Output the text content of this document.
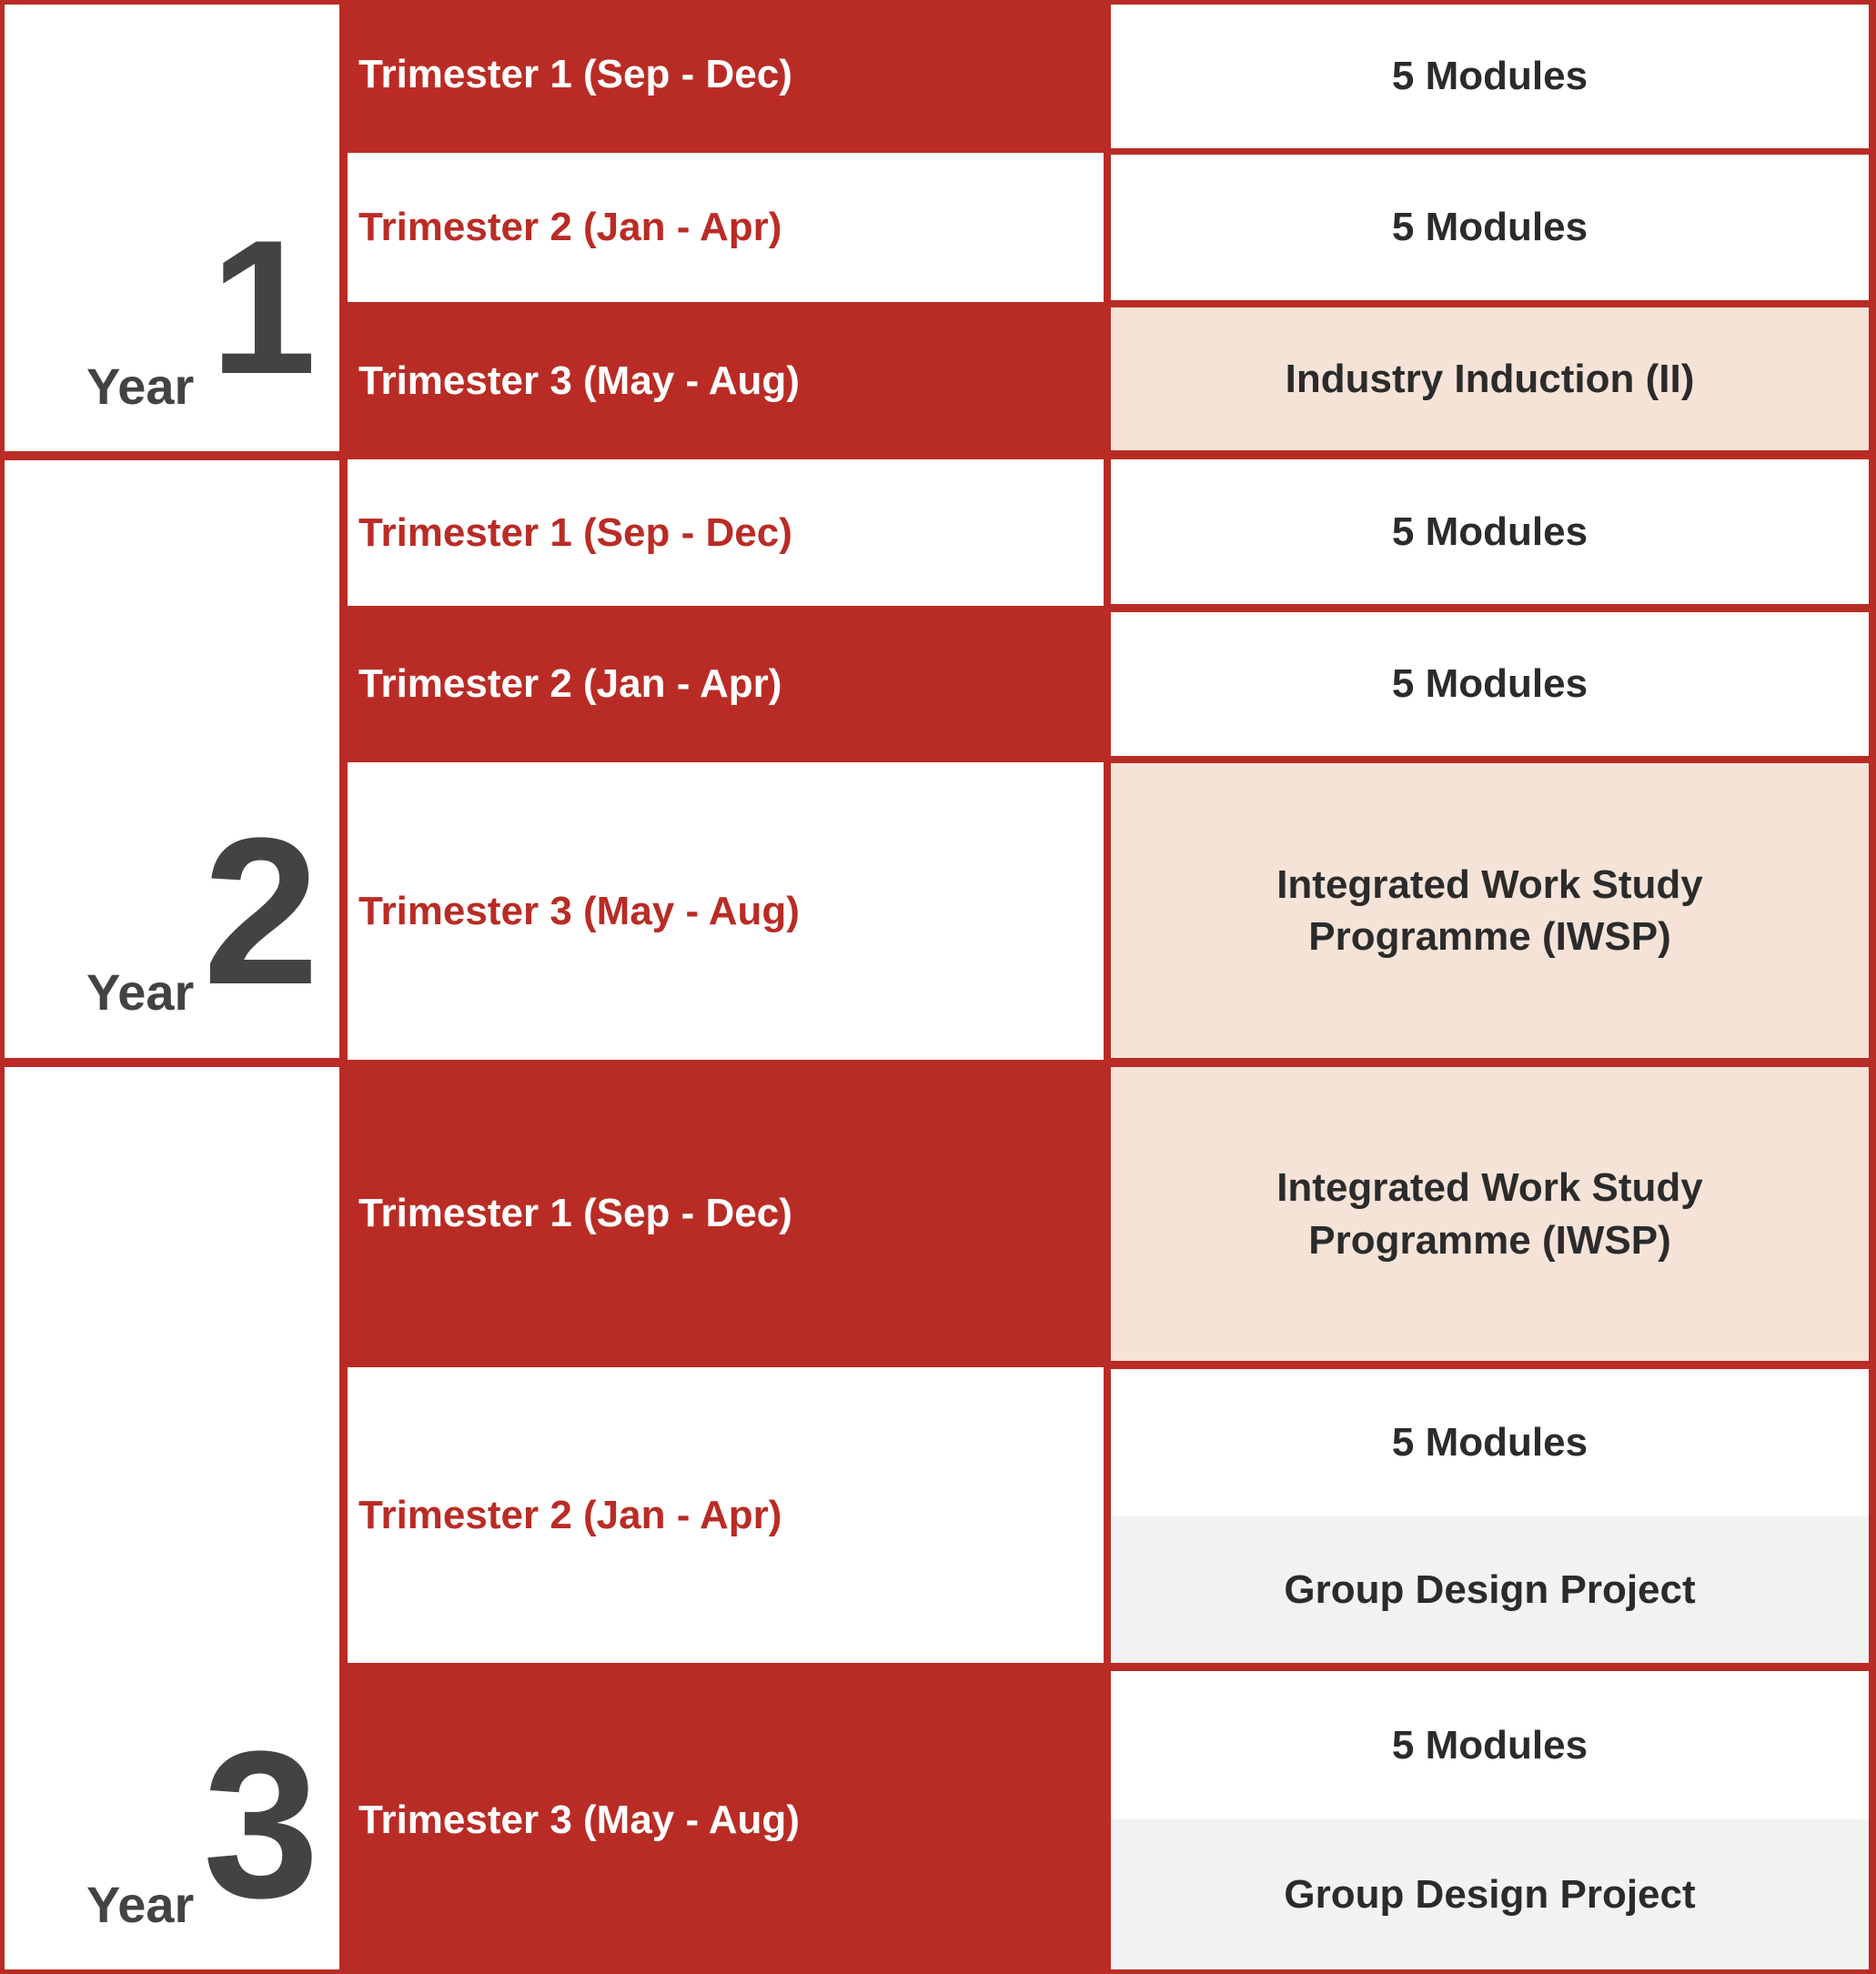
Year 1
Year 2
Year 3
Trimester 1 (Sep - Dec)
Trimester 2 (Jan - Apr)
Trimester 3 (May - Aug)
Trimester 1 (Sep - Dec)
Trimester 2 (Jan - Apr)
Trimester 3 (May - Aug)
Trimester 1 (Sep - Dec)
Trimester 2 (Jan - Apr)
Trimester 3 (May - Aug)
5 Modules
5 Modules
Industry Induction (II)
5 Modules
5 Modules
Integrated Work Study Programme (IWSP)
Integrated Work Study Programme (IWSP)
5 Modules
Group Design Project
5 Modules
Group Design Project
